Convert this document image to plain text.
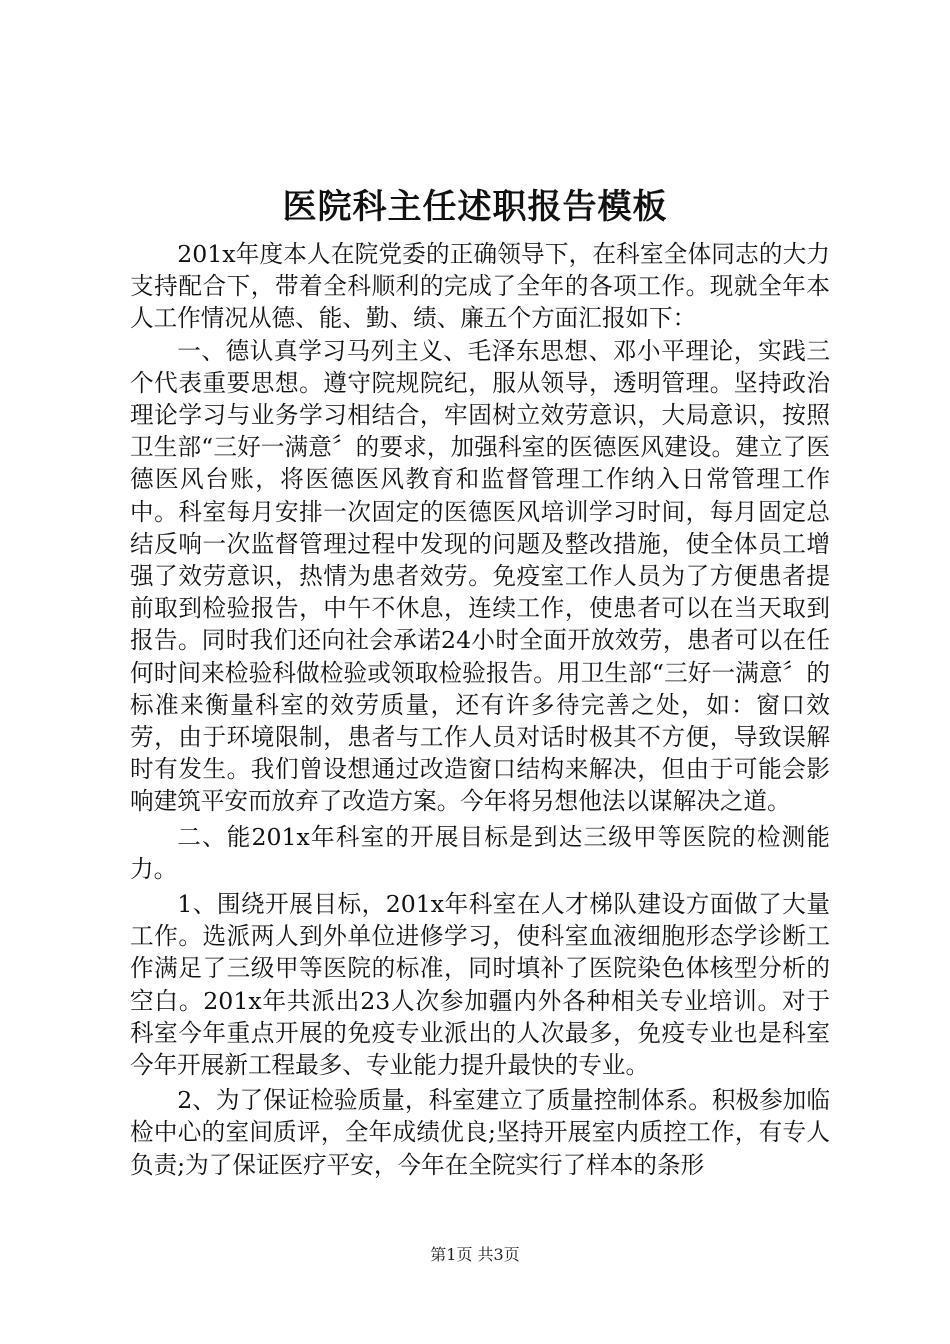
医院科主任述职报告模板

201x年度本人在院党委的正确领导下，在科室全体同志的大力支持配合下，带着全科顺利的完成了全年的各项工作。现就全年本人工作情况从德、能、勤、绩、廉五个方面汇报如下：

一、德认真学习马列主义、毛泽东思想、邓小平理论，实践三个代表重要思想。遵守院规院纪，服从领导，透明管理。坚持政治理论学习与业务学习相结合，牢固树立效劳意识，大局意识，按照卫生部“三好一满意〞的要求，加强科室的医德医风建设。建立了医德医风台账，将医德医风教育和监督管理工作纳入日常管理工作中。科室每月安排一次固定的医德医风培训学习时间，每月固定总结反响一次监督管理过程中发现的问题及整改措施，使全体员工增强了效劳意识，热情为患者效劳。免疫室工作人员为了方便患者提前取到检验报告，中午不休息，连续工作，使患者可以在当天取到报告。同时我们还向社会承诺24小时全面开放效劳，患者可以在任何时间来检验科做检验或领取检验报告。用卫生部“三好一满意〞的标准来衡量科室的效劳质量，还有许多待完善之处，如：窗口效劳，由于环境限制，患者与工作人员对话时极其不方便，导致误解时有发生。我们曾设想通过改造窗口结构来解决，但由于可能会影响建筑平安而放弃了改造方案。今年将另想他法以谋解决之道。

二、能201x年科室的开展目标是到达三级甲等医院的检测能力。

1、围绕开展目标，201x年科室在人才梯队建设方面做了大量工作。选派两人到外单位进修学习，使科室血液细胞形态学诊断工作满足了三级甲等医院的标准，同时填补了医院染色体核型分析的空白。201x年共派出23人次参加疆内外各种相关专业培训。对于科室今年重点开展的免疫专业派出的人次最多，免疫专业也是科室今年开展新工程最多、专业能力提升最快的专业。

2、为了保证检验质量，科室建立了质量控制体系。积极参加临检中心的室间质评，全年成绩优良;坚持开展室内质控工作，有专人负责;为了保证医疗平安，今年在全院实行了样本的条形

第1页 共3页
